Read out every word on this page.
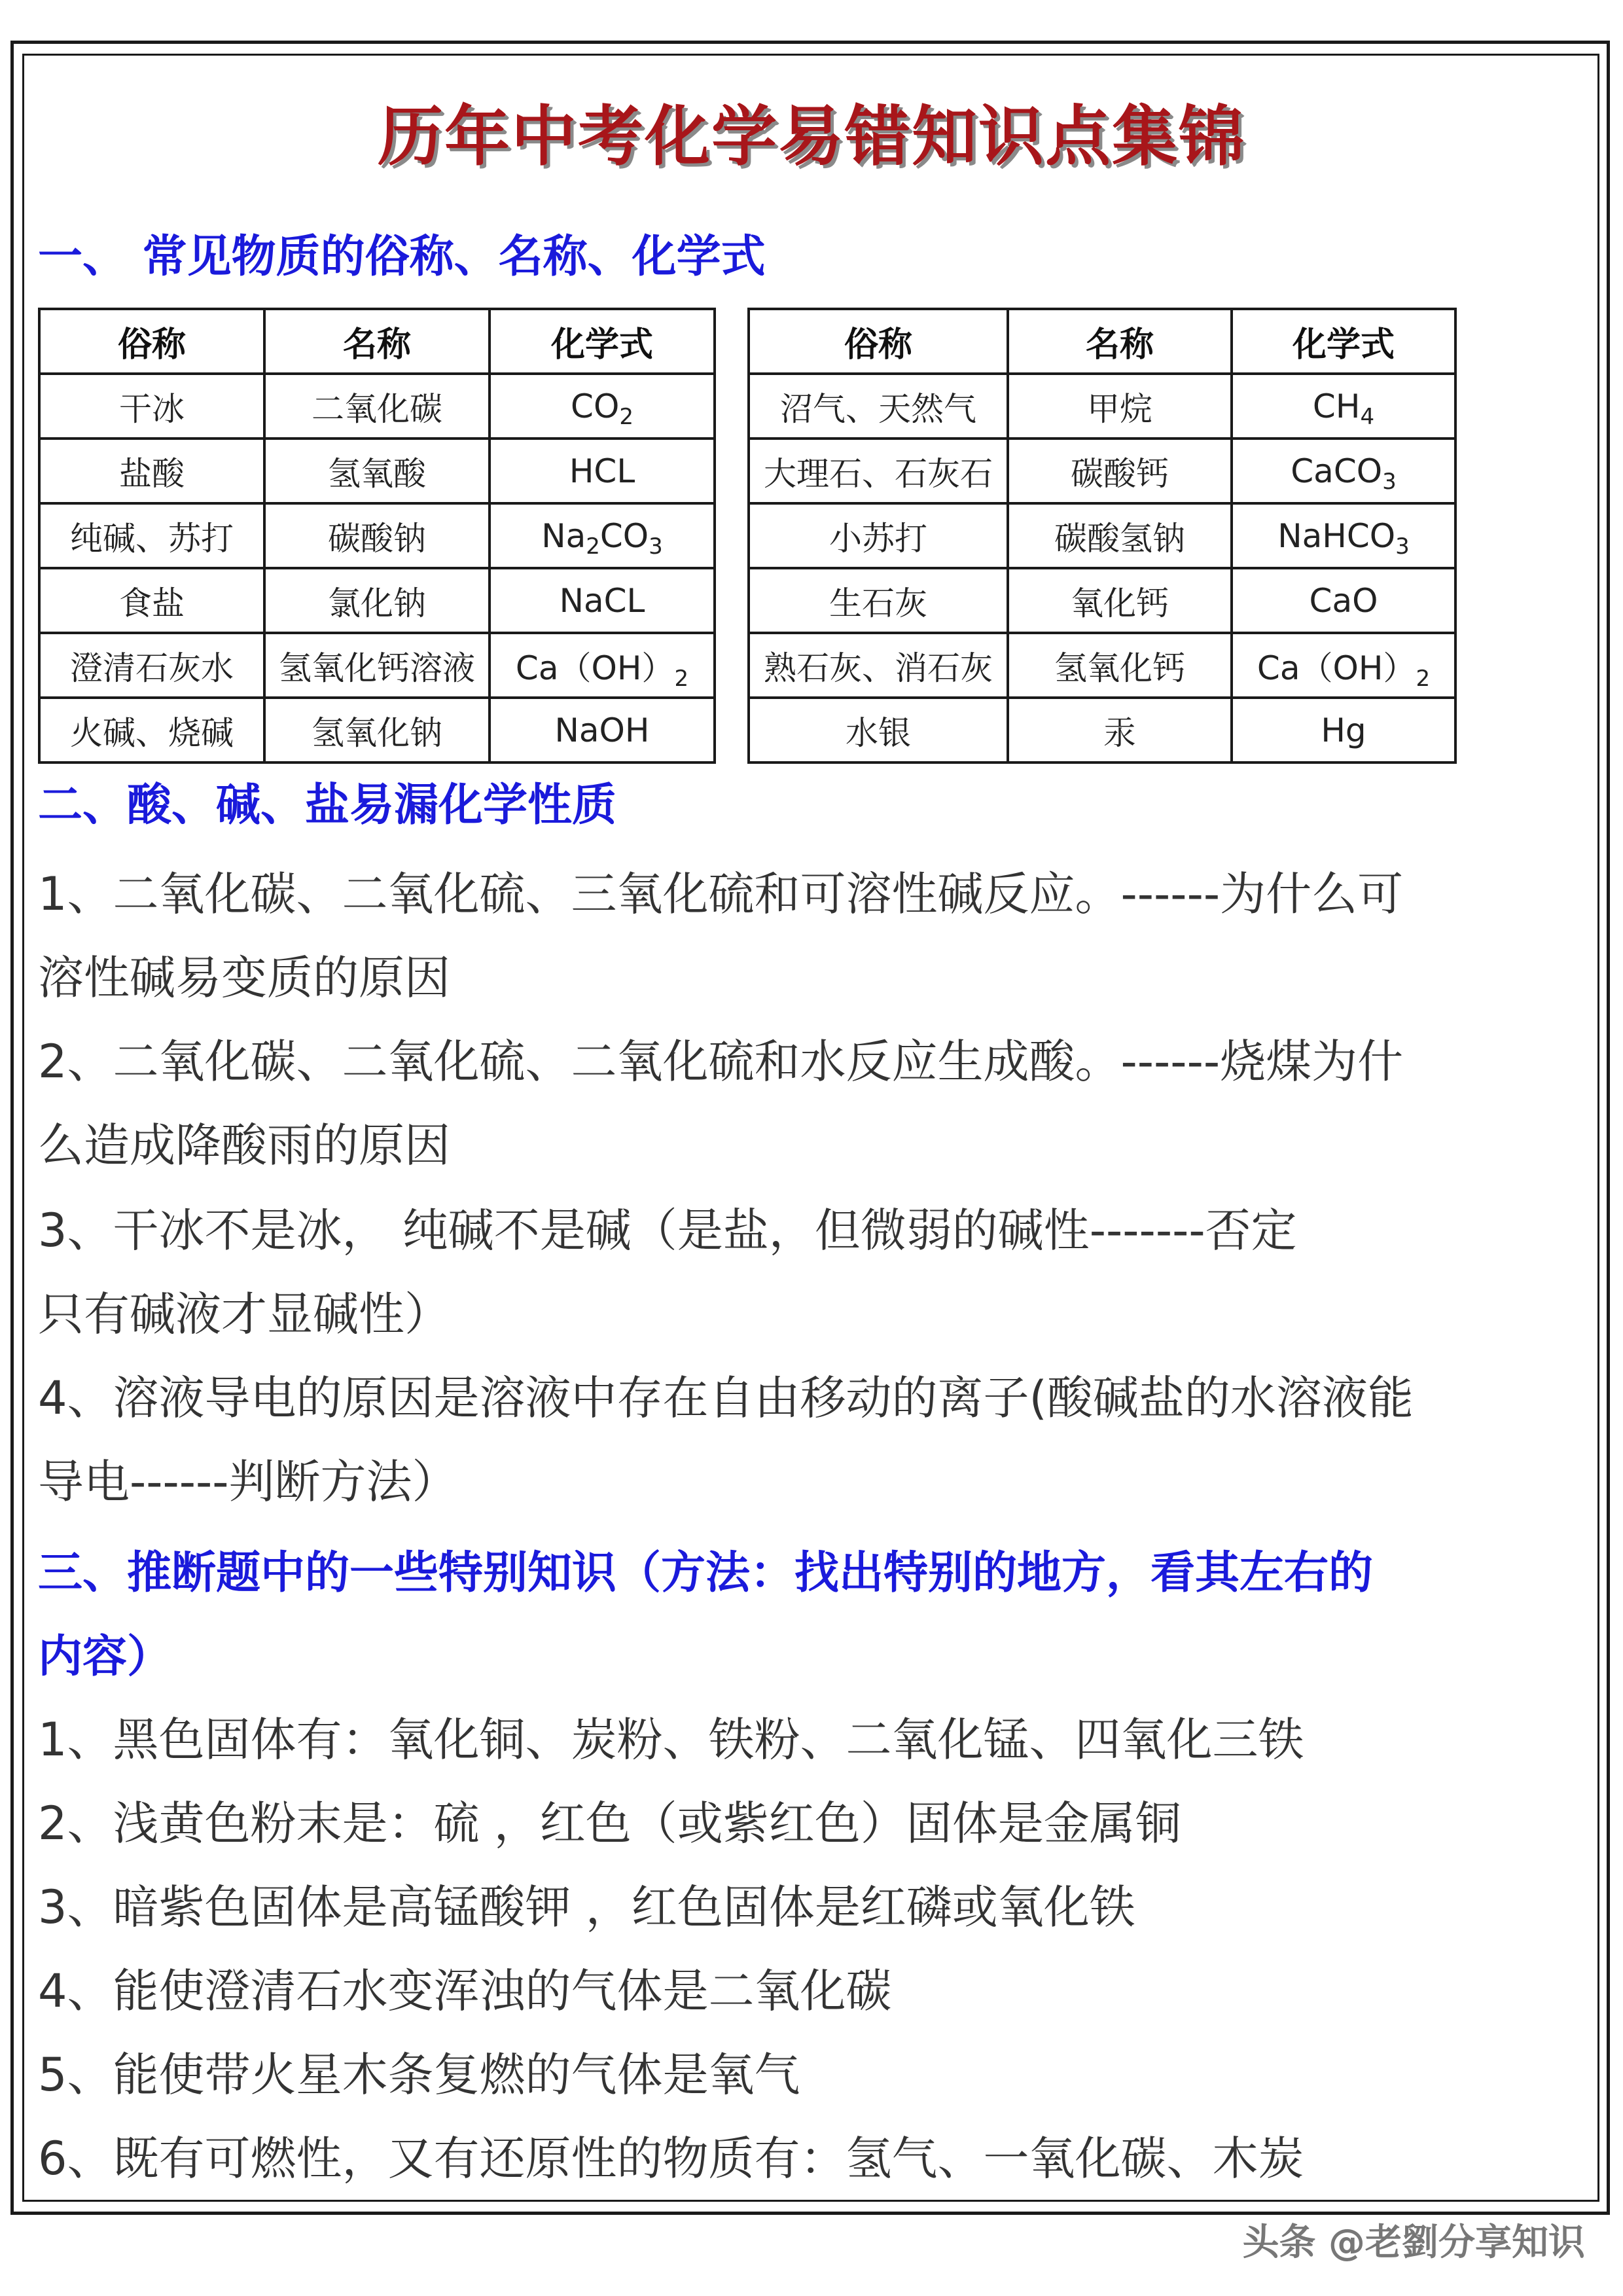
历年中考化学易错知识点集锦
一、 常见物质的俗称、名称、化学式
俗称	名称	化学式
干冰	二氧化碳	$CO_2$
盐酸	氢氧酸	HCL
纯碱、苏打	碳酸钠	$Na_2CO_3$
食盐	氯化钠	NaCL
澄清石灰水	氢氧化钙溶液	$Ca(OH)_2$
火碱、烧碱	氢氧化钠	NaOH
俗称	名称	化学式
沼气、天然气	甲烷	$CH_4$
大理石、石灰石	碳酸钙	CaCO$_3$
小苏打	碳酸氢钠	NaHCO$_3$
生石灰	氧化钙	CaO
熟石灰、消石灰	氢氧化钙	$Ca(OH)_2$
水银	汞	Hg
二、酸、碱、盐易漏化学性质
1、二氧化碳、二氧化硫、三氧化硫和可溶性碱反应。------为什么可
溶性碱易变质的原因
2、二氧化碳、二氧化硫、二氧化硫和水反应生成酸。------烧煤为什
么造成降酸雨的原因
3、干冰不是冰， 纯碱不是碱（是盐，但微弱的碱性-------否定
只有碱液才显碱性）
4、溶液导电的原因是溶液中存在自由移动的离子(酸碱盐的水溶液能
导电------判断方法）
三、推断题中的一些特别知识（方法：找出特别的地方，看其左右的
内容）
1、黑色固体有：氧化铜、炭粉、铁粉、二氧化锰、四氧化三铁
2、浅黄色粉末是：硫 ，红色（或紫红色）固体是金属铜
3、暗紫色固体是高锰酸钾 ，红色固体是红磷或氧化铁
4、能使澄清石水变浑浊的气体是二氧化碳
5、能使带火星木条复燃的气体是氧气
6、既有可燃性，又有还原性的物质有：氢气、一氧化碳、木炭
头条 @老劉分享知识
